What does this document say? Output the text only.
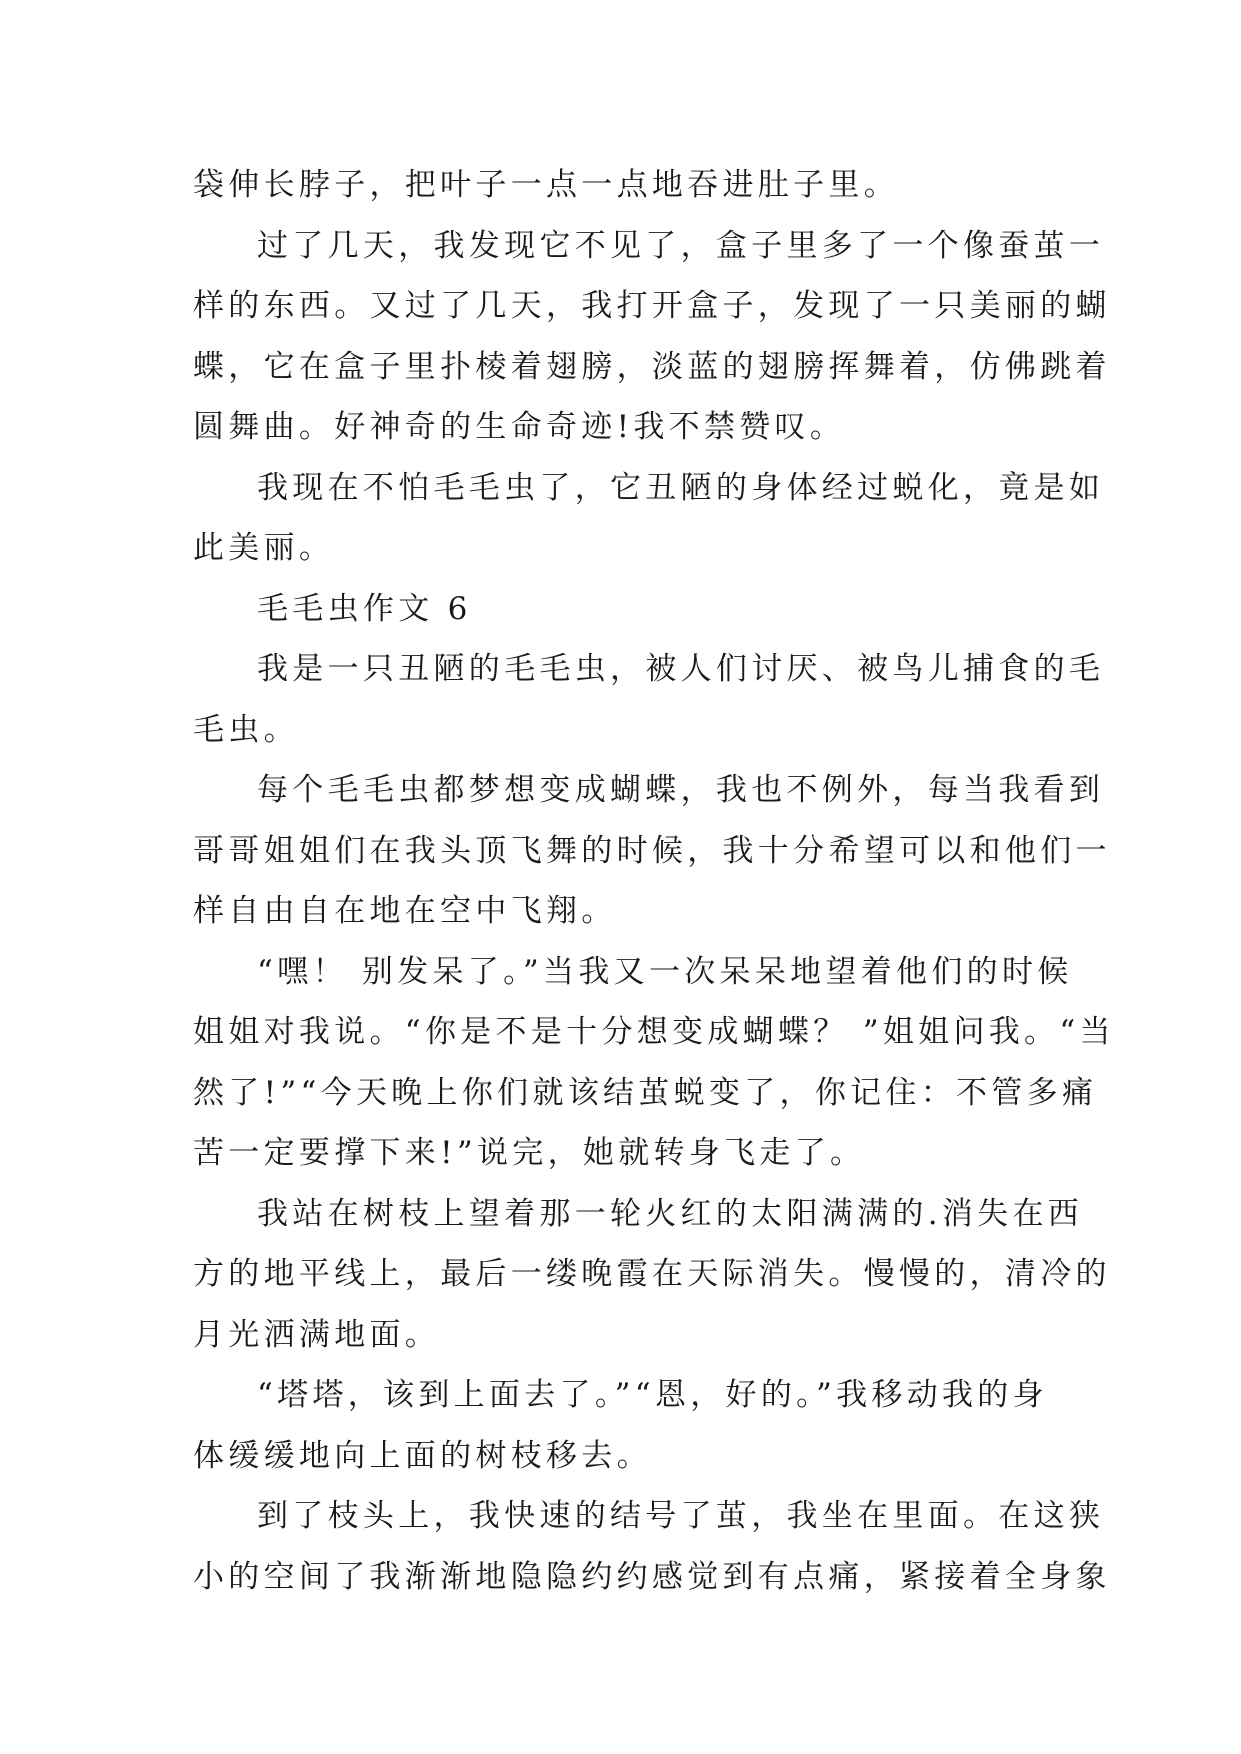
袋伸长脖子，把叶子一点一点地吞进肚子里。
过了几天，我发现它不见了，盒子里多了一个像蚕茧一
样的东西。又过了几天，我打开盒子，发现了一只美丽的蝴
蝶，它在盒子里扑棱着翅膀，淡蓝的翅膀挥舞着，仿佛跳着
圆舞曲。好神奇的生命奇迹!我不禁赞叹。
我现在不怕毛毛虫了，它丑陋的身体经过蜕化，竟是如
此美丽。
毛毛虫作文 6
我是一只丑陋的毛毛虫，被人们讨厌、被鸟儿捕食的毛
毛虫。
每个毛毛虫都梦想变成蝴蝶，我也不例外，每当我看到
哥哥姐姐们在我头顶飞舞的时候，我十分希望可以和他们一
样自由自在地在空中飞翔。
“嘿！ 别发呆了。”当我又一次呆呆地望着他们的时候
姐姐对我说。“你是不是十分想变成蝴蝶？ ”姐姐问我。“当
然了!”“今天晚上你们就该结茧蜕变了，你记住：不管多痛
苦一定要撑下来!”说完，她就转身飞走了。
我站在树枝上望着那一轮火红的太阳满满的.消失在西
方的地平线上，最后一缕晚霞在天际消失。慢慢的，清冷的
月光洒满地面。
“塔塔，该到上面去了。”“恩，好的。”我移动我的身
体缓缓地向上面的树枝移去。
到了枝头上，我快速的结号了茧，我坐在里面。在这狭
小的空间了我渐渐地隐隐约约感觉到有点痛，紧接着全身象
